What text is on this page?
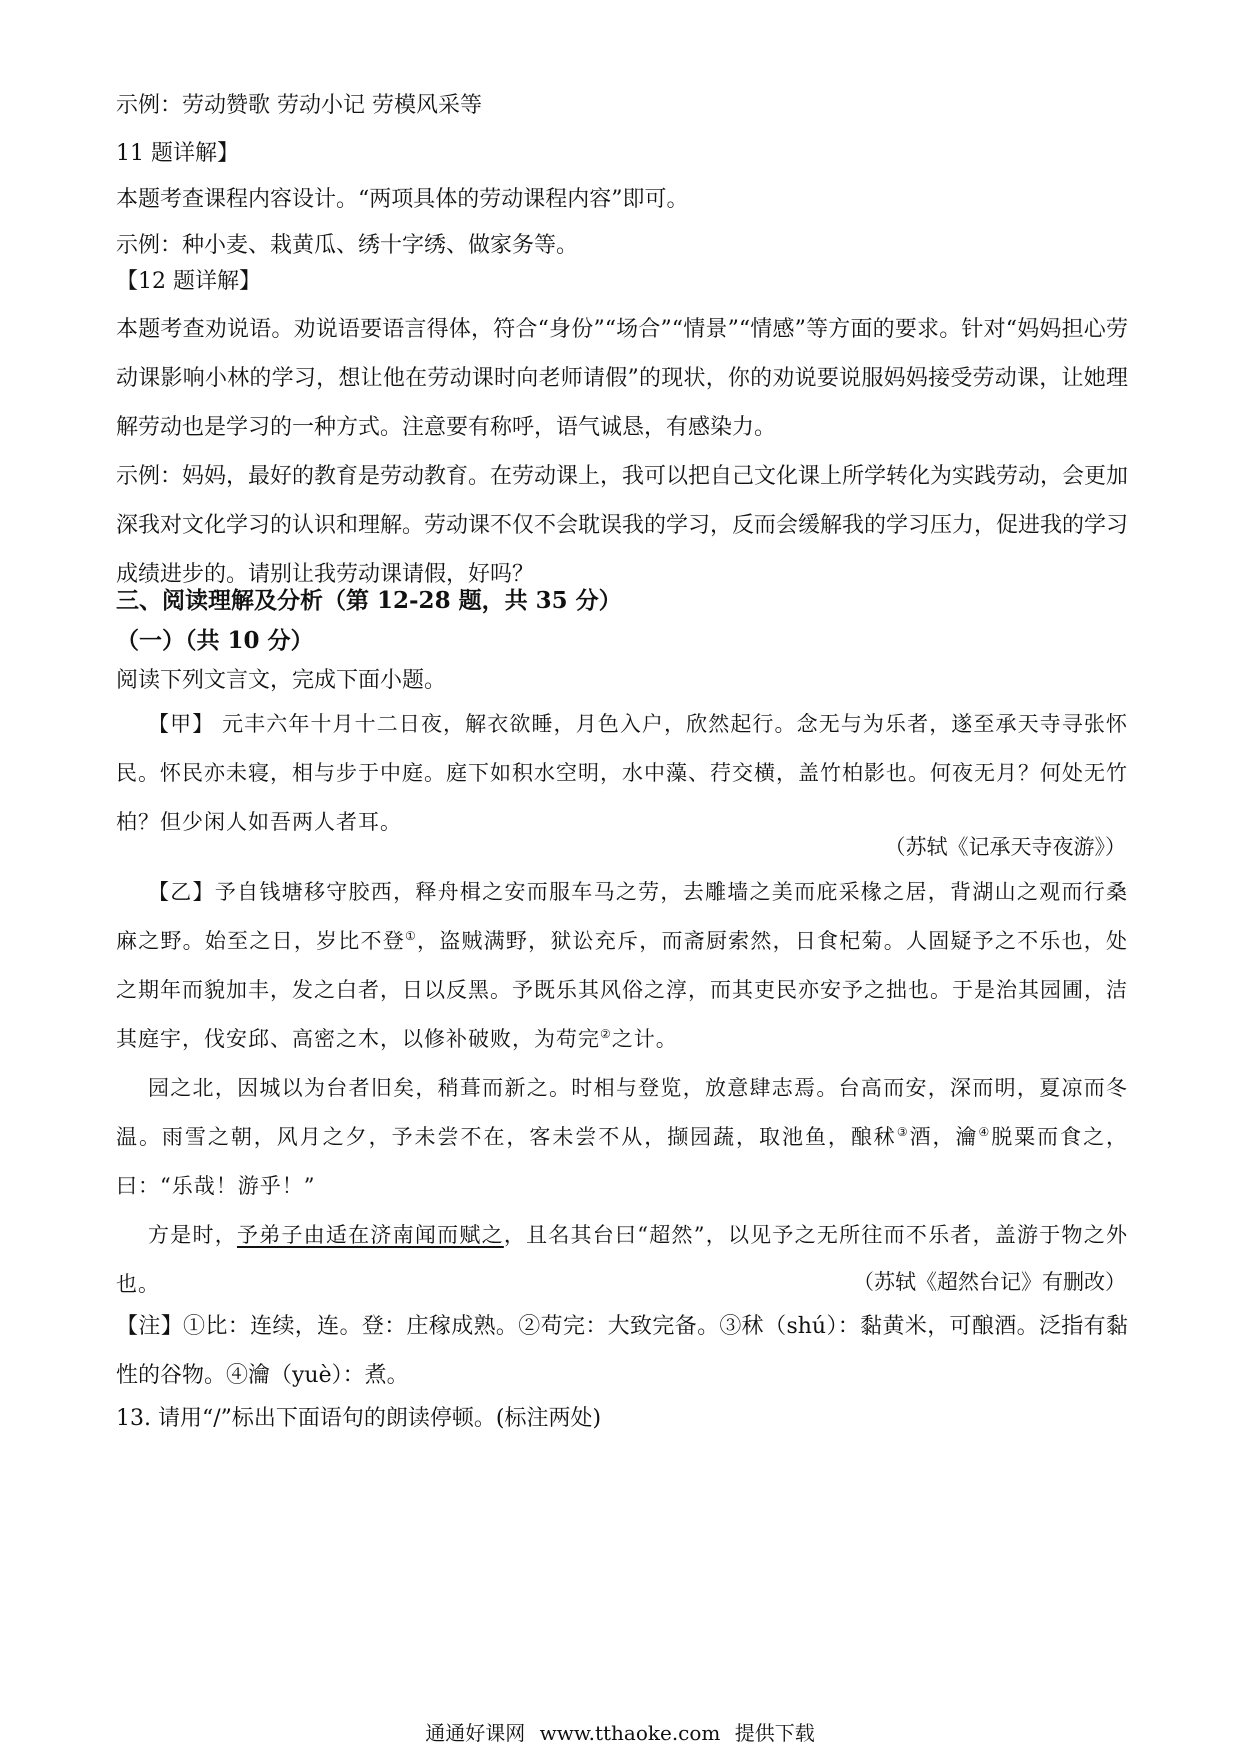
示例：劳动赞歌 劳动小记 劳模风采等
11 题详解】
本题考查课程内容设计。“两项具体的劳动课程内容”即可。
示例：种小麦、栽黄瓜、绣十字绣、做家务等。
【12 题详解】

本题考查劝说语。劝说语要语言得体，符合“身份”“场合”“情景”“情感”等方面的要求。针对“妈妈担心劳动课影响小林的学习，想让他在劳动课时向老师请假”的现状，你的劝说要说服妈妈接受劳动课，让她理解劳动也是学习的一种方式。注意要有称呼，语气诚恳，有感染力。

示例：妈妈，最好的教育是劳动教育。在劳动课上，我可以把自己文化课上所学转化为实践劳动，会更加深我对文化学习的认识和理解。劳动课不仅不会耽误我的学习，反而会缓解我的学习压力，促进我的学习成绩进步的。请别让我劳动课请假，好吗？

三、阅读理解及分析（第 12-28 题，共 35 分）
（一）（共 10 分）
阅读下列文言文，完成下面小题。

【甲】 元丰六年十月十二日夜，解衣欲睡，月色入户，欣然起行。念无与为乐者，遂至承天寺寻张怀民。怀民亦未寝，相与步于中庭。庭下如积水空明，水中藻、荇交横，盖竹柏影也。何夜无月？何处无竹柏？但少闲人如吾两人者耳。

（苏轼《记承天寺夜游》）

【乙】予自钱塘移守胶西，释舟楫之安而服车马之劳，去雕墙之美而庇采椽之居，背湖山之观而行桑麻之野。始至之日，岁比不登①，盗贼满野，狱讼充斥，而斋厨索然，日食杞菊。人固疑予之不乐也，处之期年而貌加丰，发之白者，日以反黑。予既乐其风俗之淳，而其吏民亦安予之拙也。于是治其园圃，洁其庭宇，伐安邱、高密之木，以修补破败，为苟完②之计。

园之北，因城以为台者旧矣，稍葺而新之。时相与登览，放意肆志焉。台高而安，深而明，夏凉而冬温。雨雪之朝，风月之夕，予未尝不在，客未尝不从，撷园蔬，取池鱼，酿秫③酒，瀹④脱粟而食之，曰：“乐哉！游乎！”

方是时，予弟子由适在济南闻而赋之，且名其台曰“超然”，以见予之无所往而不乐者，盖游于物之外也。	（苏轼《超然台记》有删改）

【注】①比：连续，连。登：庄稼成熟。②苟完：大致完备。③秫（shú）：黏黄米，可酿酒。泛指有黏性的谷物。④瀹（yuè）：煮。

13. 请用“/”标出下面语句的朗读停顿。(标注两处)
通通好课网 www.tthaoke.com 提供下载
